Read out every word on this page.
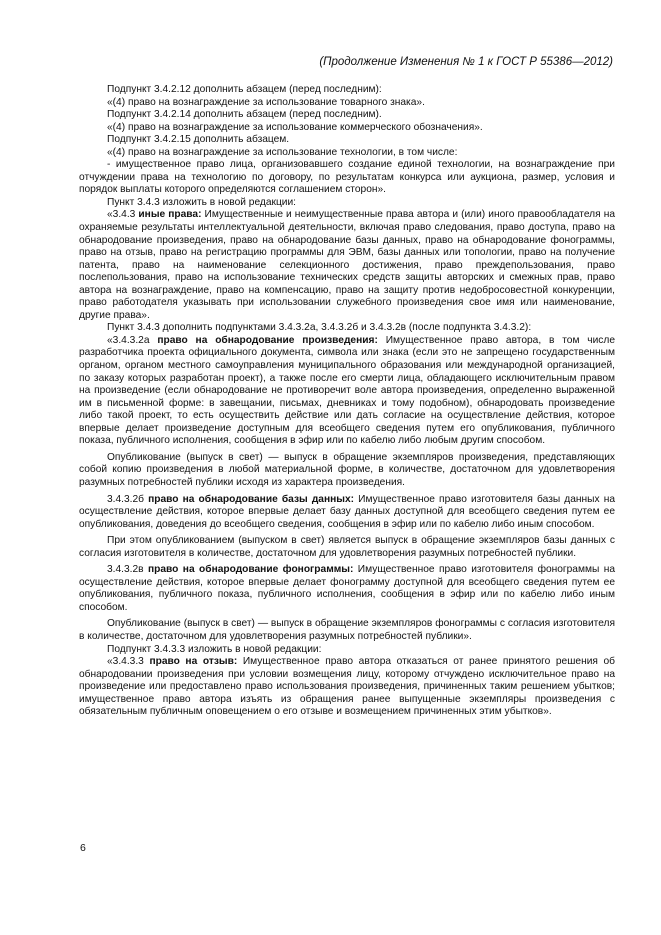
(Продолжение Изменения № 1 к ГОСТ Р 55386—2012)

Подпункт 3.4.2.12 дополнить абзацем (перед последним):

«(4) право на вознаграждение за использование товарного знака».

Подпункт 3.4.2.14 дополнить абзацем (перед последним).

«(4) право на вознаграждение за использование коммерческого обозначения».

Подпункт 3.4.2.15 дополнить абзацем.

«(4) право на вознаграждение за использование технологии, в том числе:

- имущественное право лица, организовавшего создание единой технологии, на вознаграждение при отчуждении права на технологию по договору, по результатам конкурса или аукциона, размер, условия и порядок выплаты которого определяются соглашением сторон».

Пункт 3.4.3 изложить в новой редакции:

«3.4.3 иные права: Имущественные и неимущественные права автора и (или) иного правообладателя на охраняемые результаты интеллектуальной деятельности, включая право следования, право доступа, право на обнародование произведения, право на обнародование базы данных, право на обнародование фонограммы, право на отзыв, право на регистрацию программы для ЭВМ, базы данных или топологии, право на получение патента, право на наименование селекционного достижения, право преждепользования, право послепользования, право на использование технических средств защиты авторских и смежных прав, право автора на вознаграждение, право на компенсацию, право на защиту против недобросовестной конкуренции, право работодателя указывать при использовании служебного произведения свое имя или наименование, другие права».

Пункт 3.4.3 дополнить подпунктами 3.4.3.2а, 3.4.3.2б и 3.4.3.2в (после подпункта 3.4.3.2):

«3.4.3.2а право на обнародование произведения: Имущественное право автора, в том числе разработчика проекта официального документа, символа или знака (если это не запрещено государственным органом, органом местного самоуправления муниципального образования или международной организацией, по заказу которых разработан проект), а также после его смерти лица, обладающего исключительным правом на произведение (если обнародование не противоречит воле автора произведения, определенно выраженной им в письменной форме: в завещании, письмах, дневниках и тому подобном), обнародовать произведение либо такой проект, то есть осуществить действие или дать согласие на осуществление действия, которое впервые делает произведение доступным для всеобщего сведения путем его опубликования, публичного показа, публичного исполнения, сообщения в эфир или по кабелю либо любым другим способом.

Опубликование (выпуск в свет) — выпуск в обращение экземпляров произведения, представляющих собой копию произведения в любой материальной форме, в количестве, достаточном для удовлетворения разумных потребностей публики исходя из характера произведения.

3.4.3.2б право на обнародование базы данных: Имущественное право изготовителя базы данных на осуществление действия, которое впервые делает базу данных доступной для всеобщего сведения путем ее опубликования, доведения до всеобщего сведения, сообщения в эфир или по кабелю либо иным способом.

При этом опубликованием (выпуском в свет) является выпуск в обращение экземпляров базы данных с согласия изготовителя в количестве, достаточном для удовлетворения разумных потребностей публики.

3.4.3.2в право на обнародование фонограммы: Имущественное право изготовителя фонограммы на осуществление действия, которое впервые делает фонограмму доступной для всеобщего сведения путем ее опубликования, публичного показа, публичного исполнения, сообщения в эфир или по кабелю либо иным способом.

Опубликование (выпуск в свет) — выпуск в обращение экземпляров фонограммы с согласия изготовителя в количестве, достаточном для удовлетворения разумных потребностей публики».

Подпункт 3.4.3.3 изложить в новой редакции:

«3.4.3.3 право на отзыв: Имущественное право автора отказаться от ранее принятого решения об обнародовании произведения при условии возмещения лицу, которому отчуждено исключительное право на произведение или предоставлено право использования произведения, причиненных таким решением убытков; имущественное право автора изъять из обращения ранее выпущенные экземпляры произведения с обязательным публичным оповещением о его отзыве и возмещением причиненных этим убытков».

6
